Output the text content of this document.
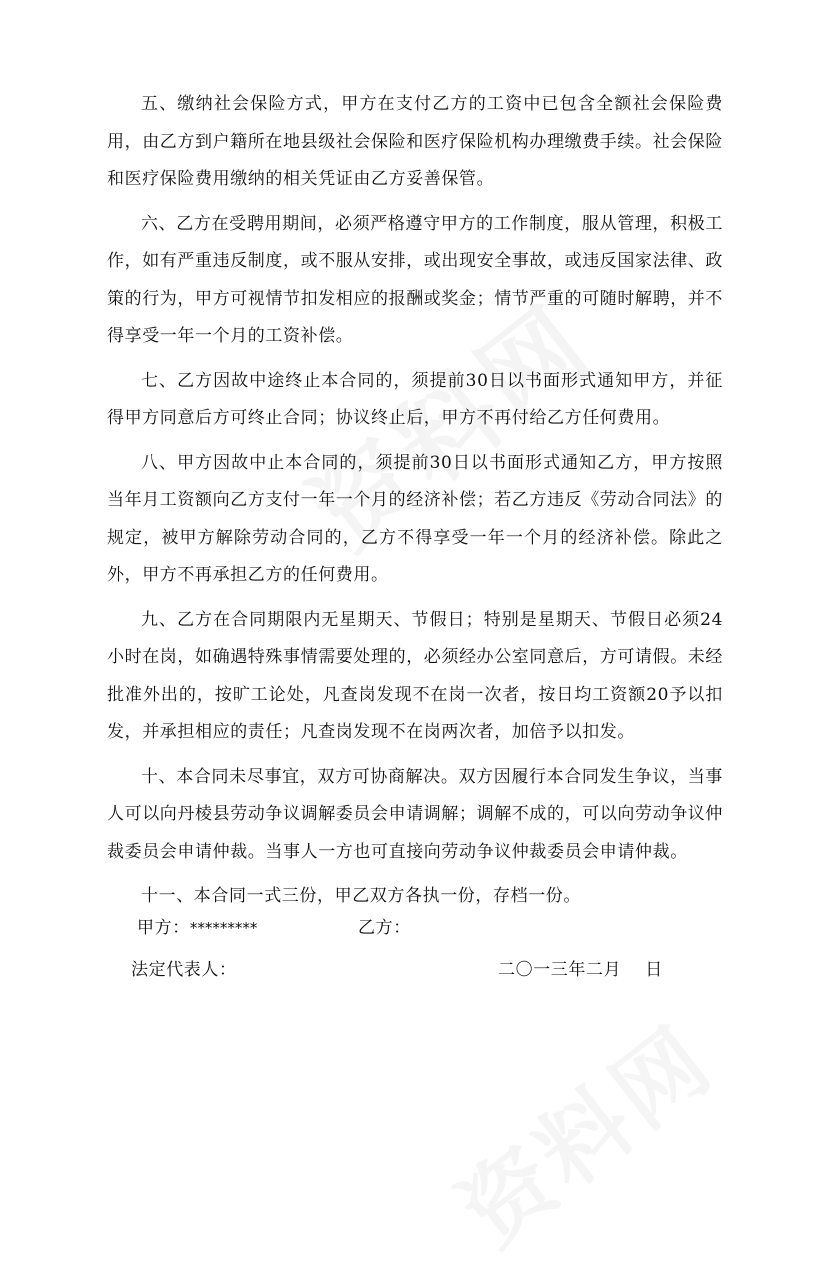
五、缴纳社会保险方式，甲方在支付乙方的工资中已包含全额社会保险费用，由乙方到户籍所在地县级社会保险和医疗保险机构办理缴费手续。社会保险和医疗保险费用缴纳的相关凭证由乙方妥善保管。

六、乙方在受聘用期间，必须严格遵守甲方的工作制度，服从管理，积极工作，如有严重违反制度，或不服从安排，或出现安全事故，或违反国家法律、政策的行为，甲方可视情节扣发相应的报酬或奖金；情节严重的可随时解聘，并不得享受一年一个月的工资补偿。

七、乙方因故中途终止本合同的，须提前30日以书面形式通知甲方，并征得甲方同意后方可终止合同；协议终止后，甲方不再付给乙方任何费用。

八、甲方因故中止本合同的，须提前30日以书面形式通知乙方，甲方按照当年月工资额向乙方支付一年一个月的经济补偿；若乙方违反《劳动合同法》的规定，被甲方解除劳动合同的，乙方不得享受一年一个月的经济补偿。除此之外，甲方不再承担乙方的任何费用。

九、乙方在合同期限内无星期天、节假日；特别是星期天、节假日必须24小时在岗，如确遇特殊事情需要处理的，必须经办公室同意后，方可请假。未经批准外出的，按旷工论处，凡查岗发现不在岗一次者，按日均工资额20予以扣发，并承担相应的责任；凡查岗发现不在岗两次者，加倍予以扣发。

十、本合同未尽事宜，双方可协商解决。双方因履行本合同发生争议，当事人可以向丹棱县劳动争议调解委员会申请调解；调解不成的，可以向劳动争议仲裁委员会申请仲裁。当事人一方也可直接向劳动争议仲裁委员会申请仲裁。

十一、本合同一式三份，甲乙双方各执一份，存档一份。

甲方：*********	乙方：
法定代表人：	二〇一三年二月    日
